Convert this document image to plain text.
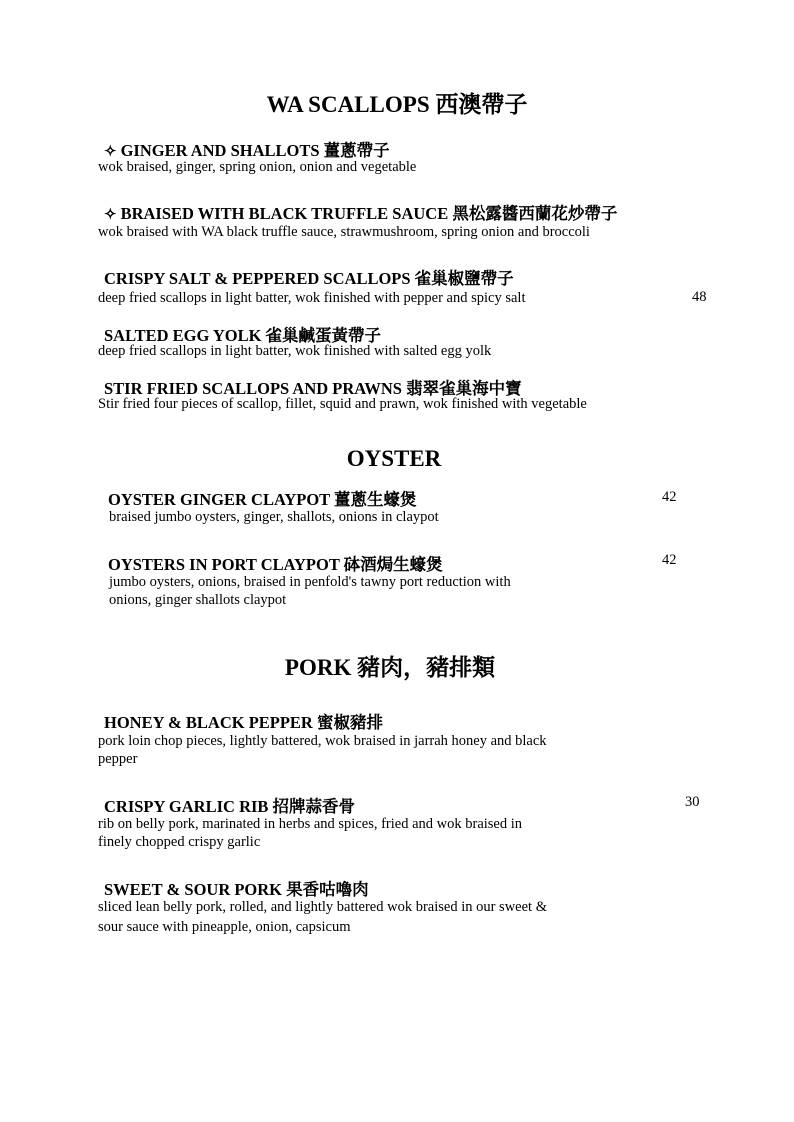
WA SCALLOPS 西澳帶子
✧ GINGER AND SHALLOTS 薑蔥帶子
wok braised, ginger, spring onion, onion and vegetable
✧ BRAISED WITH BLACK TRUFFLE SAUCE 黑松露醬西蘭花炒帶子
wok braised with WA black truffle sauce, strawmushroom, spring onion and broccoli
CRISPY SALT & PEPPERED SCALLOPS 雀巢椒鹽帶子
deep fried scallops in light batter, wok finished with pepper and spicy salt	48
SALTED EGG YOLK 雀巢鹹蛋黃帶子
deep fried scallops in light batter, wok finished with salted egg yolk
STIR FRIED SCALLOPS AND PRAWNS 翡翠雀巢海中寶
Stir fried four pieces of scallop, fillet, squid and prawn, wok finished with vegetable
OYSTER
OYSTER GINGER CLAYPOT 薑蔥生蠔煲	42
braised jumbo oysters, ginger, shallots, onions in claypot
OYSTERS IN PORT CLAYPOT 砵酒焗生蠔煲	42
jumbo oysters, onions, braised in penfold's tawny port reduction with
onions, ginger shallots claypot
PORK 豬肉，豬排類
HONEY & BLACK PEPPER 蜜椒豬排
pork loin chop pieces, lightly battered, wok braised in jarrah honey and black
pepper
CRISPY GARLIC RIB 招牌蒜香骨	30
rib on belly pork, marinated in herbs and spices, fried and wok braised in
finely chopped crispy garlic
SWEET & SOUR PORK 果香咕嚕肉
sliced lean belly pork, rolled, and lightly battered wok braised in our sweet &
sour sauce with pineapple, onion, capsicum
